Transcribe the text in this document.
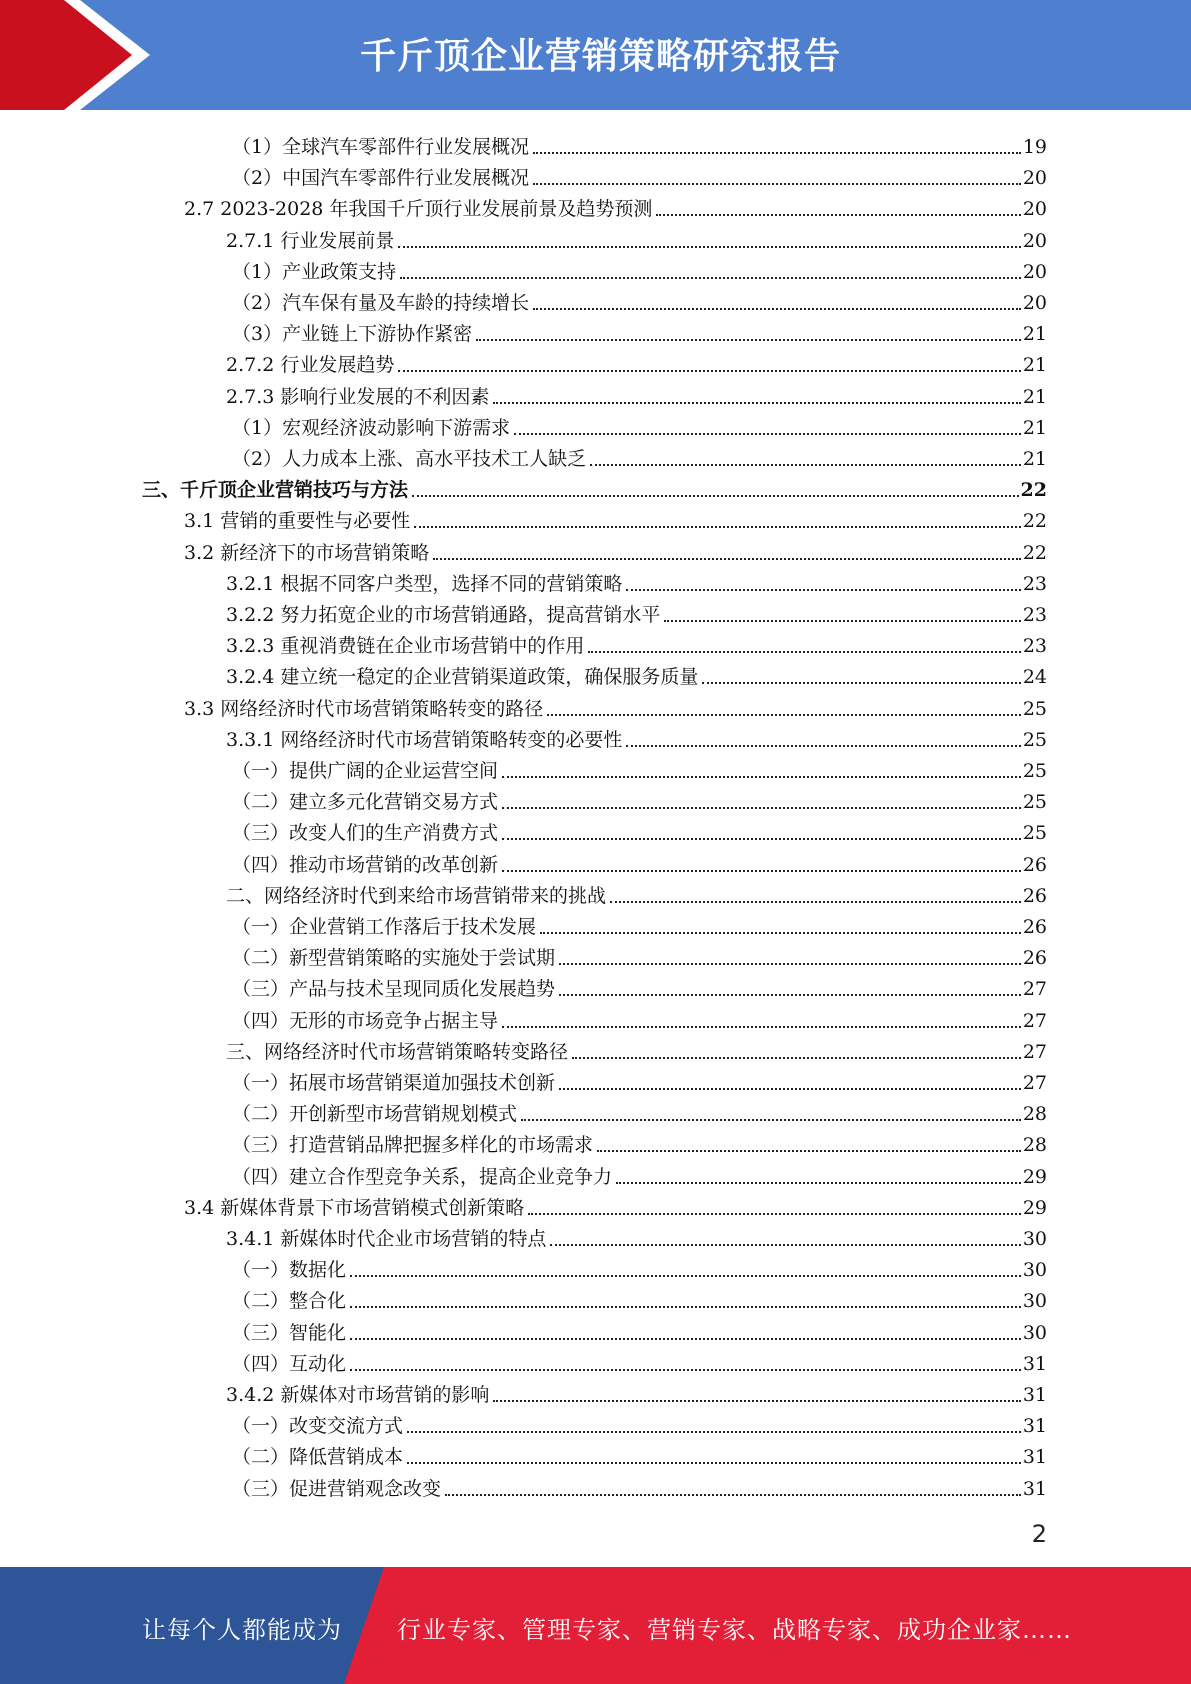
千斤顶企业营销策略研究报告
（1）全球汽车零部件行业发展概况	19
（2）中国汽车零部件行业发展概况	20
2.7 2023-2028 年我国千斤顶行业发展前景及趋势预测	20
2.7.1 行业发展前景	20
（1）产业政策支持	20
（2）汽车保有量及车龄的持续增长	20
（3）产业链上下游协作紧密	21
2.7.2 行业发展趋势	21
2.7.3 影响行业发展的不利因素	21
（1）宏观经济波动影响下游需求	21
（2）人力成本上涨、高水平技术工人缺乏	21
三、千斤顶企业营销技巧与方法	22
3.1 营销的重要性与必要性	22
3.2 新经济下的市场营销策略	22
3.2.1 根据不同客户类型，选择不同的营销策略	23
3.2.2 努力拓宽企业的市场营销通路，提高营销水平	23
3.2.3 重视消费链在企业市场营销中的作用	23
3.2.4 建立统一稳定的企业营销渠道政策，确保服务质量	24
3.3 网络经济时代市场营销策略转变的路径	25
3.3.1 网络经济时代市场营销策略转变的必要性	25
（一）提供广阔的企业运营空间	25
（二）建立多元化营销交易方式	25
（三）改变人们的生产消费方式	25
（四）推动市场营销的改革创新	26
二、网络经济时代到来给市场营销带来的挑战	26
（一）企业营销工作落后于技术发展	26
（二）新型营销策略的实施处于尝试期	26
（三）产品与技术呈现同质化发展趋势	27
（四）无形的市场竞争占据主导	27
三、网络经济时代市场营销策略转变路径	27
（一）拓展市场营销渠道加强技术创新	27
（二）开创新型市场营销规划模式	28
（三）打造营销品牌把握多样化的市场需求	28
（四）建立合作型竞争关系，提高企业竞争力	29
3.4 新媒体背景下市场营销模式创新策略	29
3.4.1 新媒体时代企业市场营销的特点	30
（一）数据化	30
（二）整合化	30
（三）智能化	30
（四）互动化	31
3.4.2 新媒体对市场营销的影响	31
（一）改变交流方式	31
（二）降低营销成本	31
（三）促进营销观念改变	31
2
让每个人都能成为 行业专家、管理专家、营销专家、战略专家、成功企业家……
